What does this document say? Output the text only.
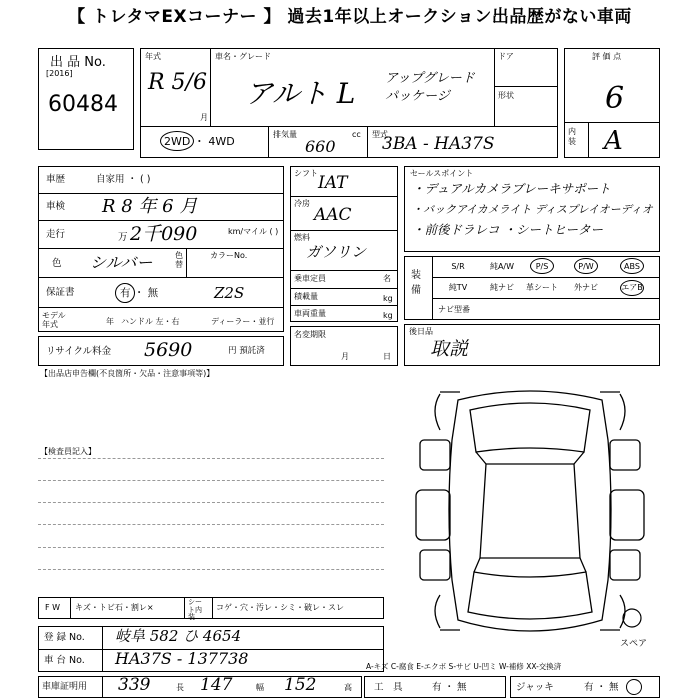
【 トレタマEXコーナー 】 過去1年以上オークション出品歴がない車両
出 品 No.
[2016]
60484
年式
R 5/6
月
車名・グレード
アルト L アップグレード パッケージ
ドア
形状
2WD ・ 4WD
排気量	cc
660
型式
3BA - HA37S
評 価 点
6
内 装 A
車歴	自家用 ・ ( )
車検 R 8 年 6 月
走行	万 2千090	km/マイル ( )
色 シルバー	色替
カラーNo.
保証書	有 ・ 無	Z2S
モデル年式	年 ハンドル 左・右	ディーラー・並行
リサイクル料金 5690	円 預託済
シフト IAT
冷房
AAC
燃料
ガソリン
乗車定員	名
積載量	kg
車両重量	kg
名変期限
月	日
セールスポイント
・デュアルカメラブレーキサポート
・バックアイカメライト ディスプレイオーディオ
・前後ドラレコ ・シートヒーター
装 備
S/R	純A/W	P/S	P/W	ABS
純TV	純ナビ	革シート	外ナビ	エアB
ナビ型番
後日品
取説
【出品店申告欄(不良箇所・欠品・注意事項等)】
【検査員記入】
F W キズ・トビ石・割レ×
シート内装
コゲ・穴・汚レ・シミ・破レ・スレ
登 録 No. 岐阜 582 ひ 4654
車 台 No. HA37S - 137738
車庫証明用 339	長 147	幅 152	高 工　具	有 ・ 無	ジャッキ	有 ・ 無
A-キズ C-腐食 E-エクボ S-サビ U-凹ミ W-補修 XX-交換済
スペア
